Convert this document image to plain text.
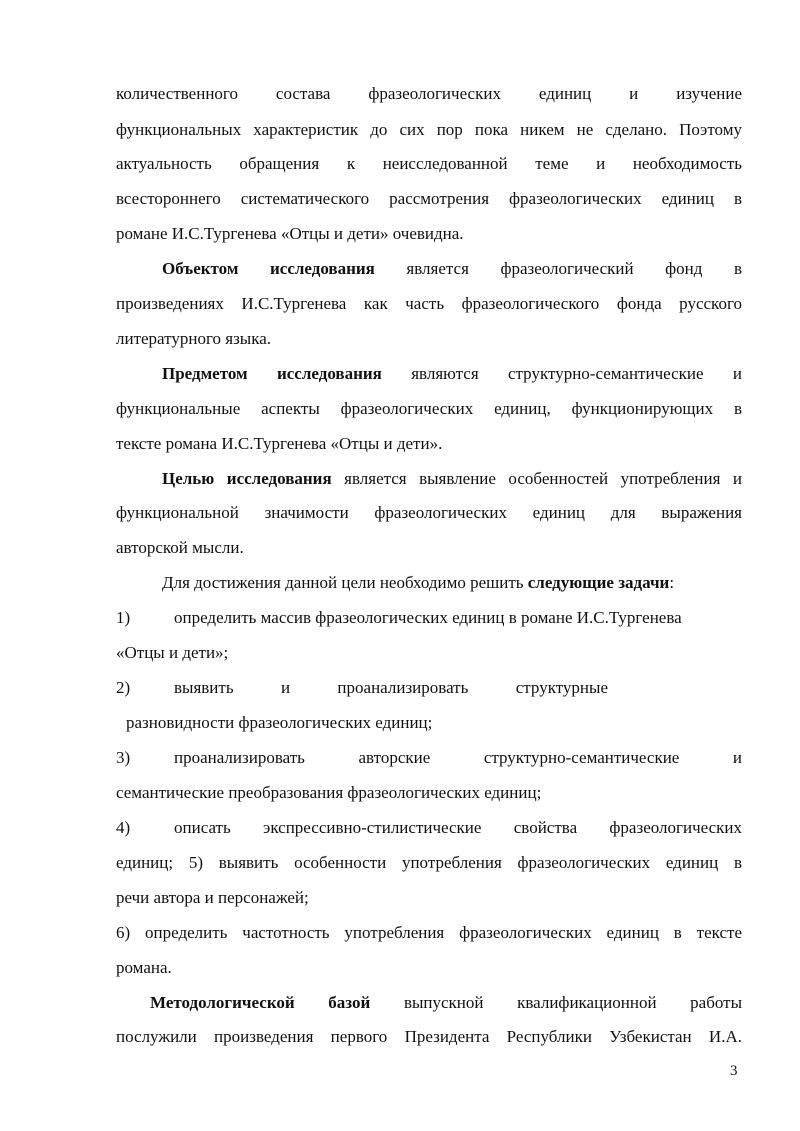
количественного состава фразеологических единиц и изучение
функциональных характеристик до сих пор пока никем не сделано. Поэтому
актуальность обращения к неисследованной теме и необходимость
всестороннего систематического рассмотрения фразеологических единиц в
романе И.С.Тургенева «Отцы и дети» очевидна.
Объектом исследования является фразеологический фонд в
произведениях И.С.Тургенева как часть фразеологического фонда русского
литературного языка.
Предметом исследования являются структурно-семантические и
функциональные аспекты фразеологических единиц, функционирующих в
тексте романа И.С.Тургенева «Отцы и дети».
Целью исследования является выявление особенностей употребления и
функциональной значимости фразеологических единиц для выражения
авторской мысли.
Для достижения данной цели необходимо решить следующие задачи:
1)	определить массив фразеологических единиц в романе И.С.Тургенева
«Отцы и дети»;
2)	выявить и проанализировать структурные
разновидности фразеологических единиц;
3)	проанализировать авторские структурно-семантические и
семантические преобразования фразеологических единиц;
4)	описать экспрессивно-стилистические свойства фразеологических
единиц; 5) выявить особенности употребления фразеологических единиц в
речи автора и персонажей;
6) определить частотность употребления фразеологических единиц в тексте
романа.
Методологической базой выпускной квалификационной работы
послужили произведения первого Президента Республики Узбекистан И.А.
3
